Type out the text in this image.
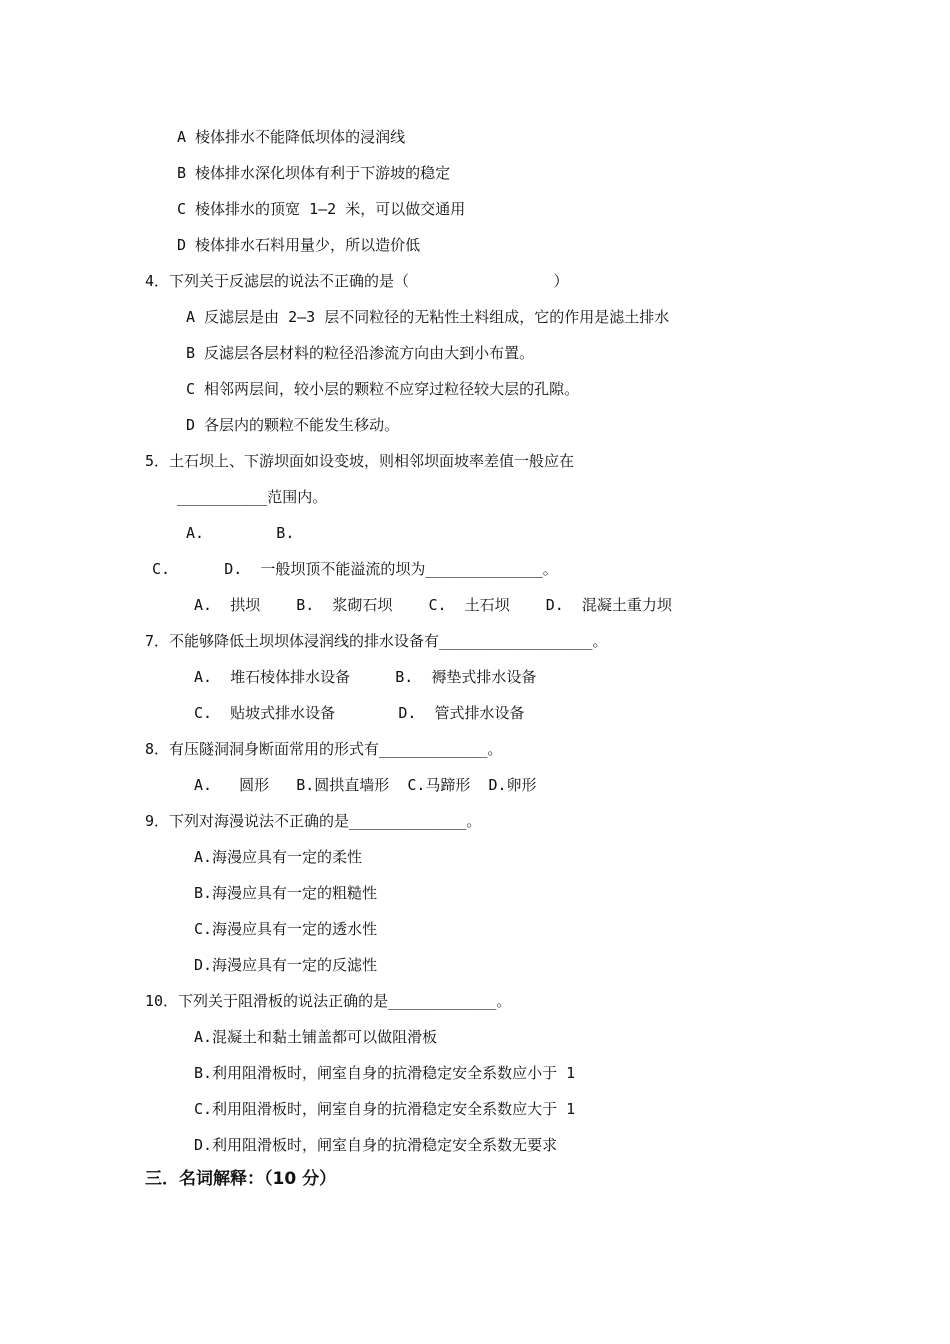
A 棱体排水不能降低坝体的浸润线
B 棱体排水深化坝体有利于下游坡的稳定
C 棱体排水的顶宽 1—2 米，可以做交通用
D 棱体排水石料用量少，所以造价低
4．下列关于反滤层的说法不正确的是（                ）
A 反滤层是由 2—3 层不同粒径的无粘性土料组成，它的作用是滤土排水
B 反滤层各层材料的粒径沿渗流方向由大到小布置。
C 相邻两层间，较小层的颗粒不应穿过粒径较大层的孔隙。
D 各层内的颗粒不能发生移动。
5．土石坝上、下游坝面如设变坡，则相邻坝面坡率差值一般应在
__________范围内。
A.        B.
C.      D.  一般坝顶不能溢流的坝为_____________。
A.  拱坝    B.  浆砌石坝    C.  土石坝    D.  混凝土重力坝
7．不能够降低土坝坝体浸润线的排水设备有_________________。
A.  堆石棱体排水设备     B.  褥垫式排水设备
C.  贴坡式排水设备       D.  管式排水设备
8．有压隧洞洞身断面常用的形式有____________。
A.   圆形   B.圆拱直墙形  C.马蹄形  D.卵形
9．下列对海漫说法不正确的是_____________。
A.海漫应具有一定的柔性
B.海漫应具有一定的粗糙性
C.海漫应具有一定的透水性
D.海漫应具有一定的反滤性
10．下列关于阻滑板的说法正确的是____________。
A.混凝土和黏土铺盖都可以做阻滑板
B.利用阻滑板时，闸室自身的抗滑稳定安全系数应小于 1
C.利用阻滑板时，闸室自身的抗滑稳定安全系数应大于 1
D.利用阻滑板时，闸室自身的抗滑稳定安全系数无要求
三．名词解释：（10 分）
